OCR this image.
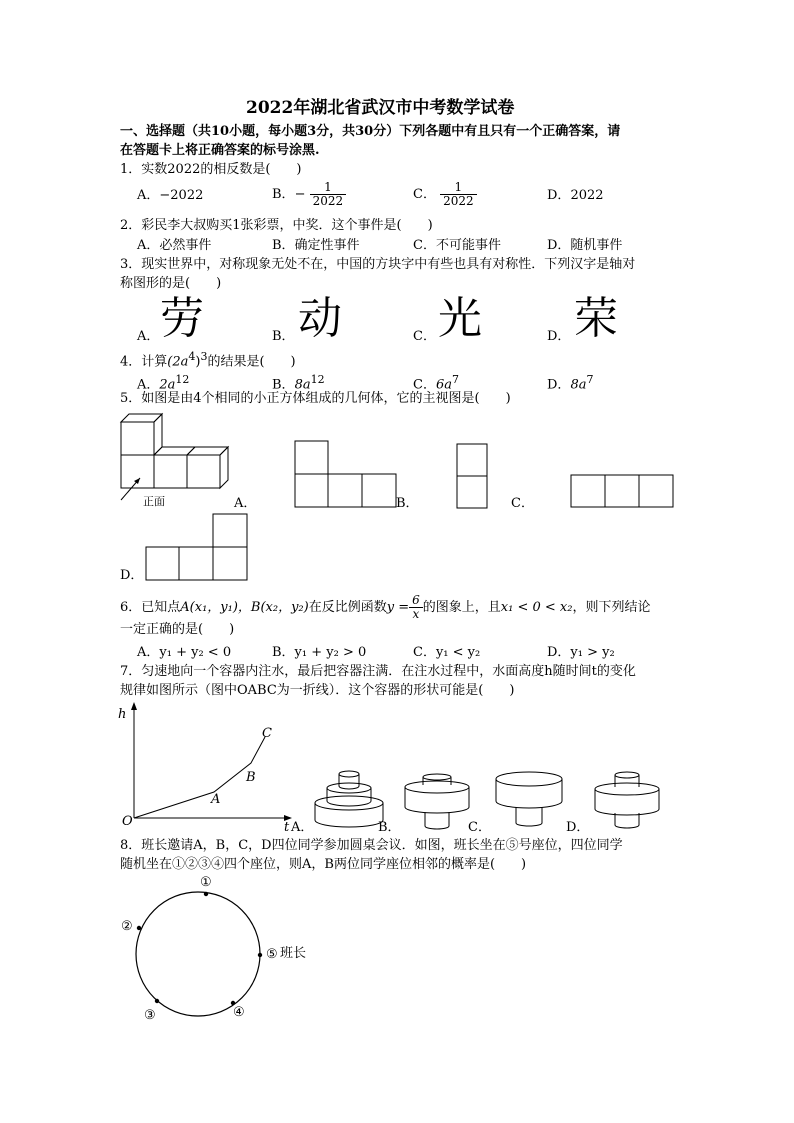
2022年湖北省武汉市中考数学试卷
一、选择题（共10小题，每小题3分，共30分）下列各题中有且只有一个正确答案，请
在答题卡上将正确答案的标号涂黑.
1．实数2022的相反数是(　　)
A．−2022	B．− $\frac{1}{2022}$	C． $\frac{1}{2022}$	D．2022
2．彩民李大叔购买1张彩票，中奖．这个事件是(　　)
A．必然事件	B．确定性事件	C．不可能事件	D．随机事件
3．现实世界中，对称现象无处不在，中国的方块字中有些也具有对称性．下列汉字是轴对
称图形的是(　　)
A． 劳	B． 动	C． 光	D． 荣
4．计算$(2a^4)^3$的结果是(　　)
A．$2a^{12}$	B．$8a^{12}$	C．$6a^7$	D．$8a^7$
5．如图是由4个相同的小正方体组成的几何体，它的主视图是(　　)
正面	A．	B．	C．
D．
6．已知点A(x₁，y₁)，B(x₂，y₂)在反比例函数$y = \frac{6}{x}$ 的图象上，且x₁ < 0 < x₂，则下列结论
一定正确的是(　　)
A．y₁ + y₂ < 0	B．y₁ + y₂ > 0	C．y₁ < y₂	D．y₁ > y₂
7．匀速地向一个容器内注水，最后把容器注满．在注水过程中，水面高度h随时间t的变化
规律如图所示（图中OABC为一折线）．这个容器的形状可能是(　　)
h
t
O
A
B
C
A．	B．	C．	D．
8．班长邀请A，B，C，D四位同学参加圆桌会议．如图，班长坐在⑤号座位，四位同学
随机坐在①②③④四个座位，则A，B两位同学座位相邻的概率是(　　)
①
②
⑤ 班长
③	④
